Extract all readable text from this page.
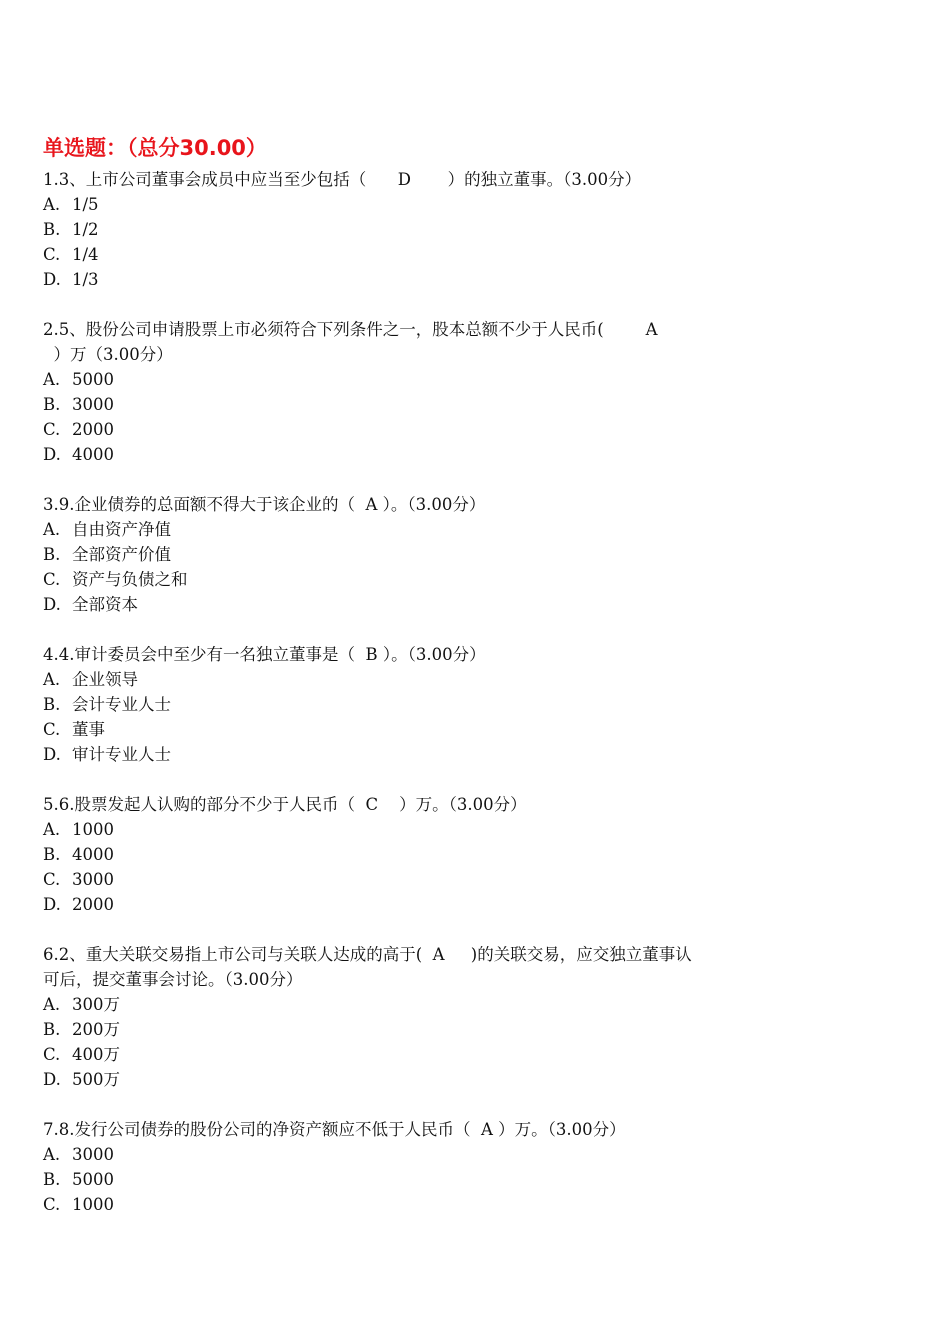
单选题：（总分30.00）

1.3、上市公司董事会成员中应当至少包括（      D       ）的独立董事。（3.00分）

A. 1/5

B. 1/2

C. 1/4

D. 1/3

2.5、股份公司申请股票上市必须符合下列条件之一，股本总额不少于人民币(        A

）万（3.00分）

A. 5000

B. 3000

C. 2000

D. 4000

3.9.企业债券的总面额不得大于该企业的（  A ）。（3.00分）

A. 自由资产净值

B. 全部资产价值

C. 资产与负债之和

D. 全部资本

4.4.审计委员会中至少有一名独立董事是（  B ）。（3.00分）

A. 企业领导

B. 会计专业人士

C. 董事

D. 审计专业人士

5.6.股票发起人认购的部分不少于人民币（  C    ）万。（3.00分）

A. 1000

B. 4000

C. 3000

D. 2000

6.2、重大关联交易指上市公司与关联人达成的高于(  A     )的关联交易，应交独立董事认

可后，提交董事会讨论。（3.00分）

A. 300万

B. 200万

C. 400万

D. 500万

7.8.发行公司债券的股份公司的净资产额应不低于人民币（  A ）万。（3.00分）

A. 3000

B. 5000

C. 1000
